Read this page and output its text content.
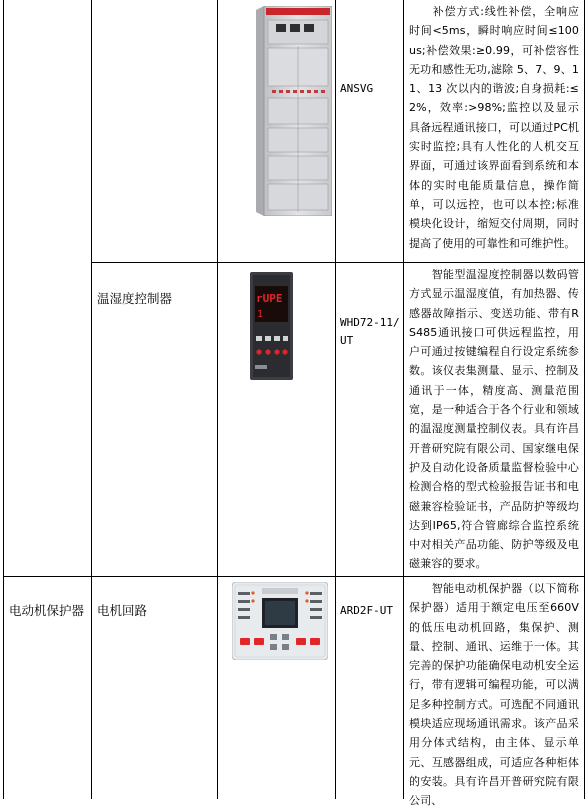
ANSVG
　　补偿方式:线性补偿，全响应时间<5ms，瞬时响应时间≤100us;补偿效果:≥0.99，可补偿容性无功和感性无功,滤除 5、7、9、11、13 次以内的谐波;自身损耗:≤2%，效率:>98%;监控以及显示具备远程通讯接口，可以通过PC机实时监控;具有人性化的人机交互界面，可通过该界面看到系统和本体的实时电能质量信息，操作简单，可以远控，也可以本控;标准模块化设计，缩短交付周期，同时提高了使用的可靠性和可维护性。
温湿度控制器	rUPE
1
WHD72-11/UT
　　智能型温湿度控制器以数码管方式显示温湿度值，有加热器、传感器故障指示、变送功能、带有RS485通讯接口可供远程监控，用户可通过按键编程自行设定系统参数。该仪表集测量、显示、控制及通讯于一体，精度高、测量范围宽，是一种适合于各个行业和领域的温湿度测量控制仪表。具有许昌开普研究院有限公司、国家继电保护及自动化设备质量监督检验中心检测合格的型式检验报告证书和电磁兼容检验证书，产品防护等级均达到IP65,符合管廊综合监控系统中对相关产品功能、防护等级及电磁兼容的要求。
电动机保护器 电机回路	ARD2F-UT
　　智能电动机保护器（以下简称保护器）适用于额定电压至660V 的低压电动机回路，集保护、测量、控制、通讯、运维于一体。其完善的保护功能确保电动机安全运行，带有逻辑可编程功能，可以满足多种控制方式。可选配不同通讯模块适应现场通讯需求。该产品采用分体式结构，由主体、显示单元、互感器组成，可适应各种柜体的安装。具有许昌开普研究院有限公司、
